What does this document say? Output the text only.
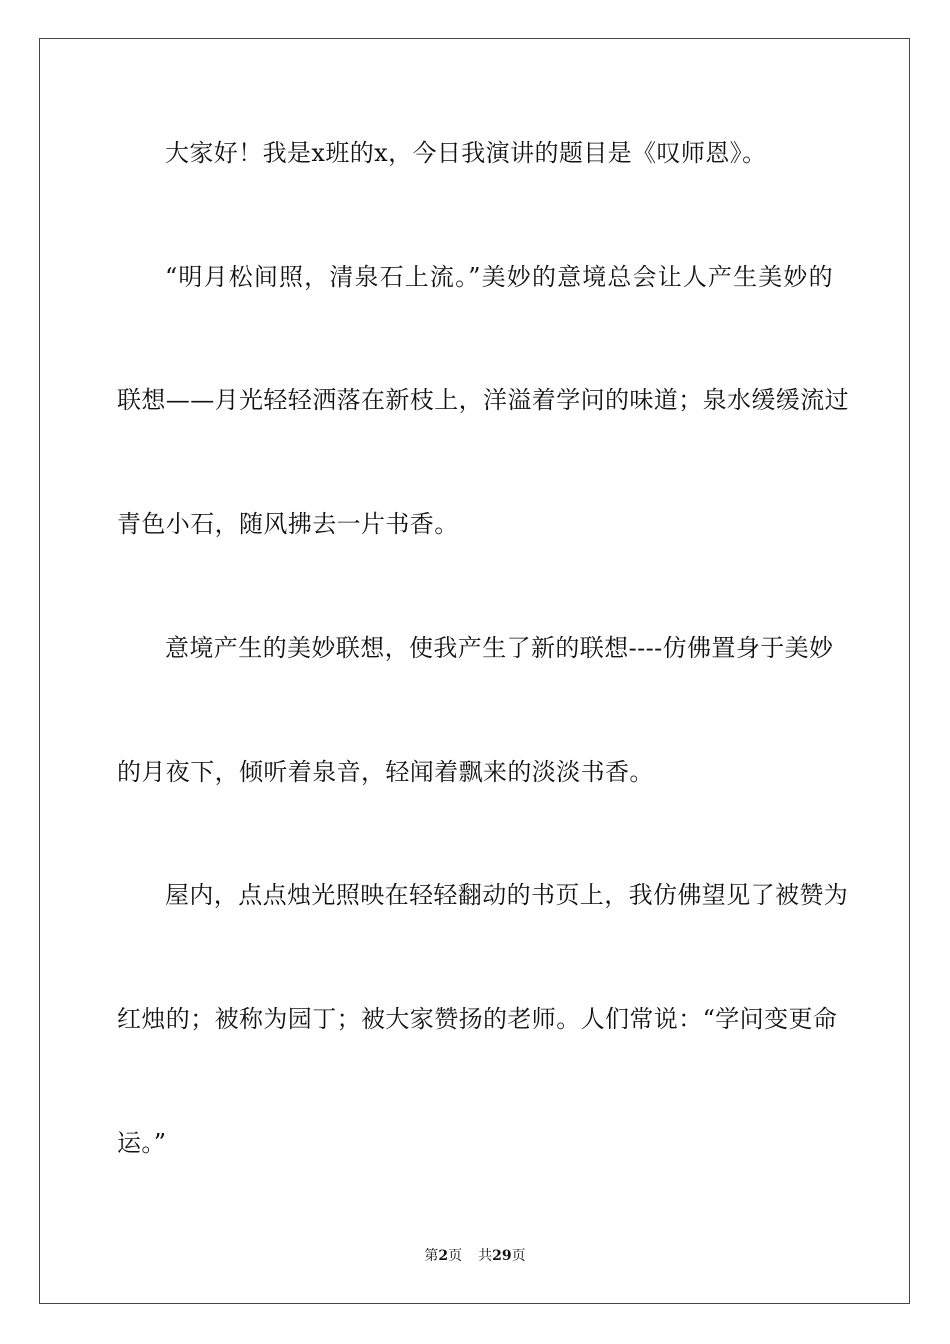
大家好！我是x班的x，今日我演讲的题目是《叹师恩》。
“明月松间照，清泉石上流。”美妙的意境总会让人产生美妙的
联想——月光轻轻洒落在新枝上，洋溢着学问的味道；泉水缓缓流过
青色小石，随风拂去一片书香。
意境产生的美妙联想，使我产生了新的联想----仿佛置身于美妙
的月夜下，倾听着泉音，轻闻着飘来的淡淡书香。
屋内，点点烛光照映在轻轻翻动的书页上，我仿佛望见了被赞为
红烛的；被称为园丁；被大家赞扬的老师。人们常说：“学问变更命
运。”
第2页 共29页
